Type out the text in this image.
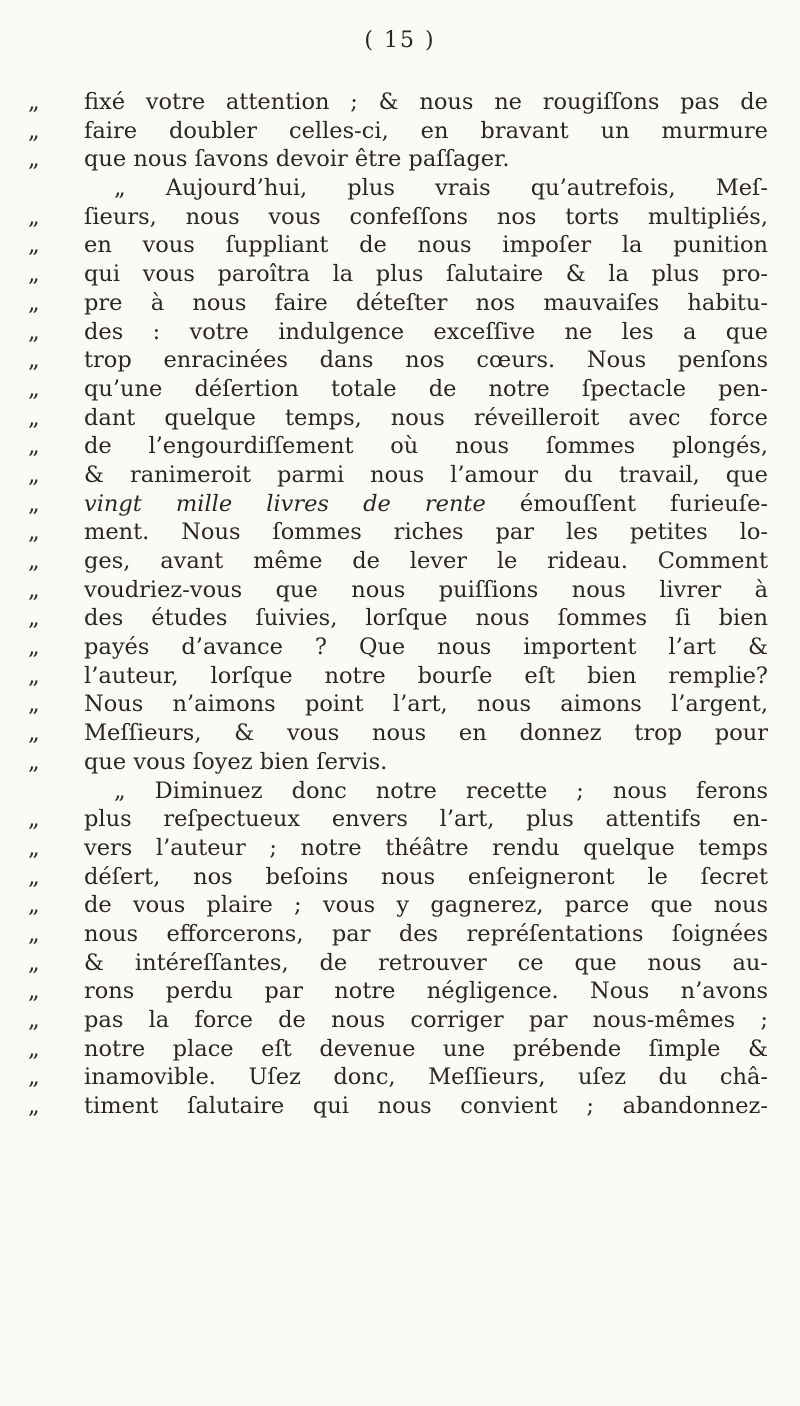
( 15 )
„	fixé votre attention ; & nous ne rougiſſons pas de
„	faire doubler celles-ci, en bravant un murmure
„	que nous ſavons devoir être paſſager.
„ Aujourd’hui, plus vrais qu’autrefois, Meſ-
„	ſieurs, nous vous confeſſons nos torts multipliés,
„	en vous ſuppliant de nous impoſer la punition
„	qui vous paroîtra la plus ſalutaire & la plus pro-
„	pre à nous faire déteſter nos mauvaiſes habitu-
„	des : votre indulgence exceſſive ne les a que
„	trop enracinées dans nos cœurs. Nous penſons
„	qu’une déſertion totale de notre ſpectacle pen-
„	dant quelque temps, nous réveilleroit avec force
„	de l’engourdiſſement où nous ſommes plongés,
„	& ranimeroit parmi nous l’amour du travail, que
„	vingt mille livres de rente émouſſent furieuſe-
„	ment. Nous ſommes riches par les petites lo-
„	ges, avant même de lever le rideau. Comment
„	voudriez-vous que nous puiſſions nous livrer à
„	des études ſuivies, lorſque nous ſommes ſi bien
„	payés d’avance ? Que nous importent l’art &
„	l’auteur, lorſque notre bourſe eſt bien remplie?
„	Nous n’aimons point l’art, nous aimons l’argent,
„	Meſſieurs, & vous nous en donnez trop pour
„	que vous ſoyez bien ſervis.
„ Diminuez donc notre recette ; nous ferons
„	plus reſpectueux envers l’art, plus attentifs en-
„	vers l’auteur ; notre théâtre rendu quelque temps
„	déſert, nos beſoins nous enſeigneront le ſecret
„	de vous plaire ; vous y gagnerez, parce que nous
„	nous efforcerons, par des repréſentations ſoignées
„	& intéreſſantes, de retrouver ce que nous au-
„	rons perdu par notre négligence. Nous n’avons
„	pas la force de nous corriger par nous-mêmes ;
„	notre place eſt devenue une prébende ſimple &
„	inamovible. Uſez donc, Meſſieurs, uſez du châ-
„	timent ſalutaire qui nous convient ; abandonnez-
